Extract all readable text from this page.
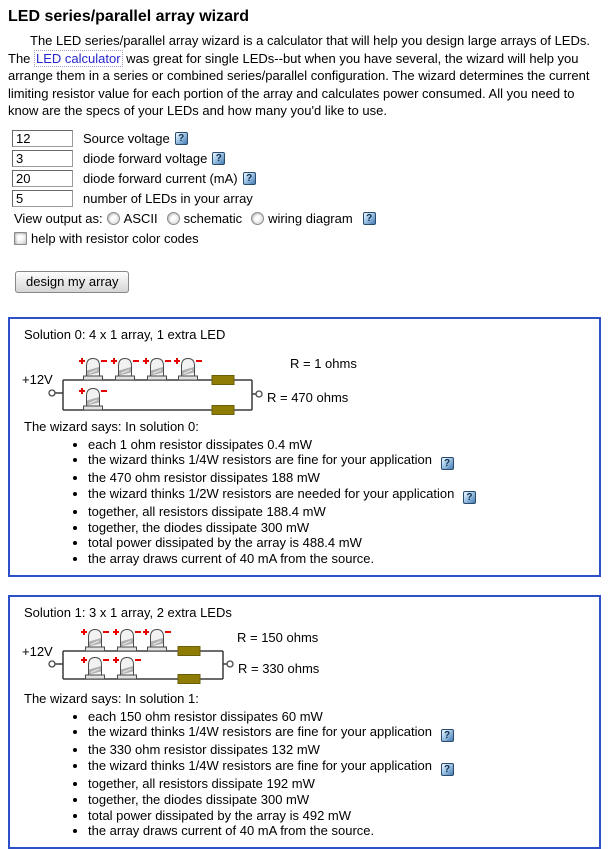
LED series/parallel array wizard

The LED series/parallel array wizard is a calculator that will help you design large arrays of LEDs. The LED calculator was great for single LEDs--but when you have several, the wizard will help you arrange them in a series or combined series/parallel configuration. The wizard determines the current limiting resistor value for each portion of the array and calculates power consumed. All you need to know are the specs of your LEDs and how many you'd like to use.

12
Source voltage
?
3
diode forward voltage
?
20
diode forward current (mA)
?
5
number of LEDs in your array
View output as: ASCII schematic wiring diagram
?
help with resistor color codes
design my array

Solution 0: 4 x 1 array, 1 extra LED

+12V
R = 1 ohms
R = 470 ohms

The wizard says: In solution 0:

• each 1 ohm resistor dissipates 0.4 mW
• the wizard thinks 1/4W resistors are fine for your application ?
• the 470 ohm resistor dissipates 188 mW
• the wizard thinks 1/2W resistors are needed for your application ?
• together, all resistors dissipate 188.4 mW
• together, the diodes dissipate 300 mW
• total power dissipated by the array is 488.4 mW
• the array draws current of 40 mA from the source.

Solution 1: 3 x 1 array, 2 extra LEDs

+12V
R = 150 ohms
R = 330 ohms

The wizard says: In solution 1:

• each 150 ohm resistor dissipates 60 mW
• the wizard thinks 1/4W resistors are fine for your application ?
• the 330 ohm resistor dissipates 132 mW
• the wizard thinks 1/4W resistors are fine for your application ?
• together, all resistors dissipate 192 mW
• together, the diodes dissipate 300 mW
• total power dissipated by the array is 492 mW
• the array draws current of 40 mA from the source.
